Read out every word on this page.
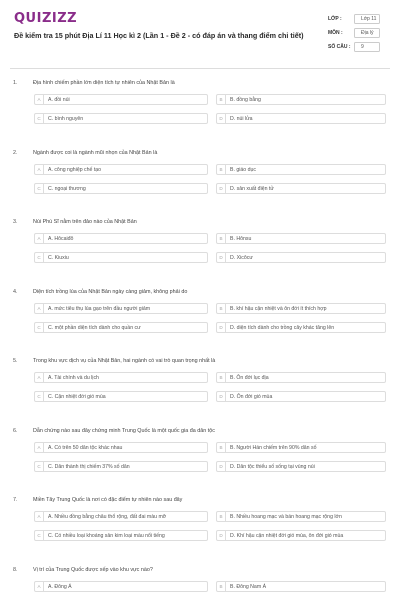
QUIZIZZ
Đề kiểm tra 15 phút Địa Lí 11 Học kì 2 (Lần 1 - Đề 2 - có đáp án và thang điểm chi tiết)
LỚP :	Lớp 11
MÔN :	Địa lý
SỐ CÂU :	9
1.	Địa hình chiếm phần lớn diện tích tự nhiên của Nhật Bản là
A	A. đồi núi	B	B. đồng bằng
C	C. bình nguyên	D	D. núi lửa
2.	Ngành được coi là ngành mũi nhọn của Nhật Bản là
A	A. công nghiệp chế tạo	B	B. giáo dục
C	C. ngoại thương	D	D. sản xuất điện tử
3.	Núi Phú Sĩ nằm trên đảo nào của Nhật Bản
A	A. Hôcaiđô	B	B. Hônsu
C	C. Kiuxiu	D	D. Xicôcư
4.	Diện tích trồng lúa của Nhật Bản ngày càng giảm, không phải do
A	A. mức tiêu thụ lúa gạo trên đầu người giảm	B	B. khí hậu cận nhiệt và ôn đới ít thích hợp
C	C. một phần diện tích dành cho quần cư	D	D. diện tích dành cho trồng cây khác tăng lên
5.	Trong khu vực dịch vụ của Nhật Bản, hai ngành có vai trò quan trọng nhất là
A	A. Tài chính và du lịch	B	B. Ôn đới lục địa
C	C. Cận nhiệt đới gió mùa	D	D. Ôn đới gió mùa
6.	Dẫn chứng nào sau đây chứng minh Trung Quốc là một quốc gia đa dân tộc
A	A. Có trên 50 dân tộc khác nhau	B	B. Người Hán chiếm trên 90% dân số
C	C. Dân thành thị chiếm 37% số dân	D	D. Dân tộc thiểu số sống tại vùng núi
7.	Miền Tây Trung Quốc là nơi có đặc điểm tự nhiên nào sau đây
A	A. Nhiều đồng bằng châu thổ rộng, đất đai màu mỡ	B	B. Nhiều hoang mạc và bán hoang mạc rộng lớn
C	C. Có nhiều loại khoáng sản kim loại màu nổi tiếng	D	D. Khí hậu cận nhiệt đới gió mùa, ôn đới gió mùa
8.	Vị trí của Trung Quốc được xếp vào khu vực nào?
A	A. Đông Á	B	B. Đông Nam Á
